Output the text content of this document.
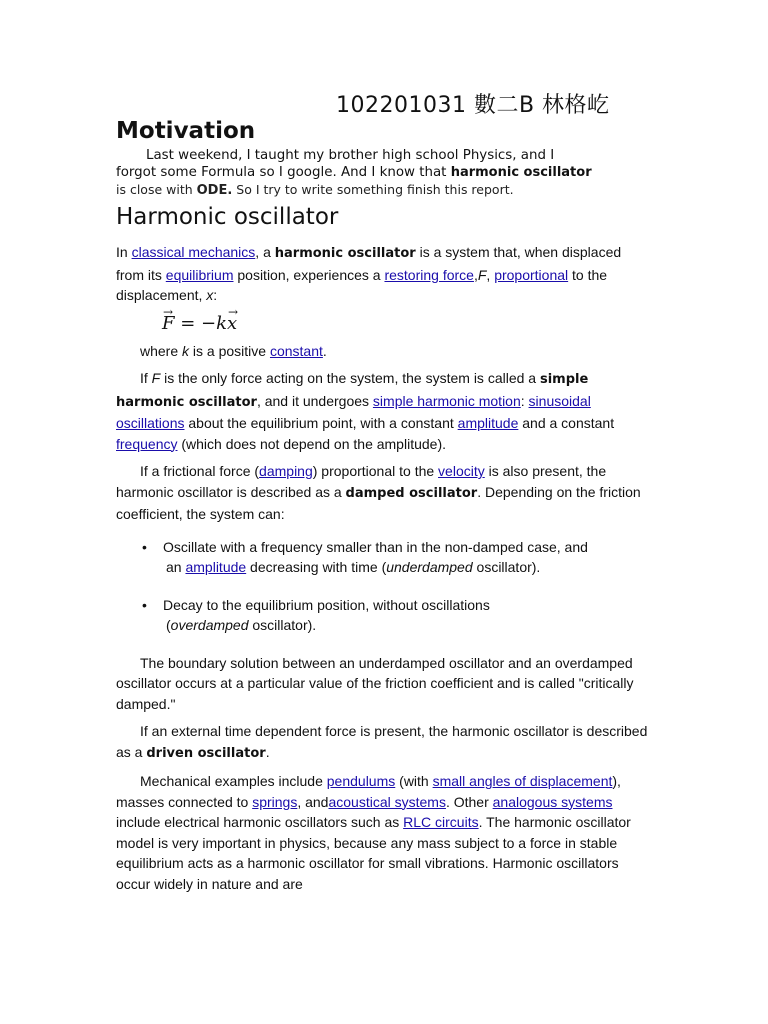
102201031 數二B 林格屹
Motivation

Last weekend, I taught my brother high school Physics, and I
forgot some Formula so I google. And I know that harmonic oscillator
is close with ODE. So I try to write something finish this report.

Harmonic oscillator

In classical mechanics, a harmonic oscillator is a system that, when displaced from its equilibrium position, experiences a restoring force,F, proportional to the displacement, x:

→ F = −k→ x

where k is a positive constant.

If F is the only force acting on the system, the system is called a simple harmonic oscillator, and it undergoes simple harmonic motion: sinusoidal oscillations about the equilibrium point, with a constant amplitude and a constant frequency (which does not depend on the amplitude).

If a frictional force (damping) proportional to the velocity is also present, the harmonic oscillator is described as a damped oscillator. Depending on the friction coefficient, the system can:

• Oscillate with a frequency smaller than in the non-damped case, and
an amplitude decreasing with time (underdamped oscillator).
• Decay to the equilibrium position, without oscillations
(overdamped oscillator).

The boundary solution between an underdamped oscillator and an overdamped oscillator occurs at a particular value of the friction coefficient and is called "critically damped."

If an external time dependent force is present, the harmonic oscillator is described as a driven oscillator.

Mechanical examples include pendulums (with small angles of displacement), masses connected to springs, andacoustical systems. Other analogous systems include electrical harmonic oscillators such as RLC circuits. The harmonic oscillator model is very important in physics, because any mass subject to a force in stable equilibrium acts as a harmonic oscillator for small vibrations. Harmonic oscillators occur widely in nature and are
